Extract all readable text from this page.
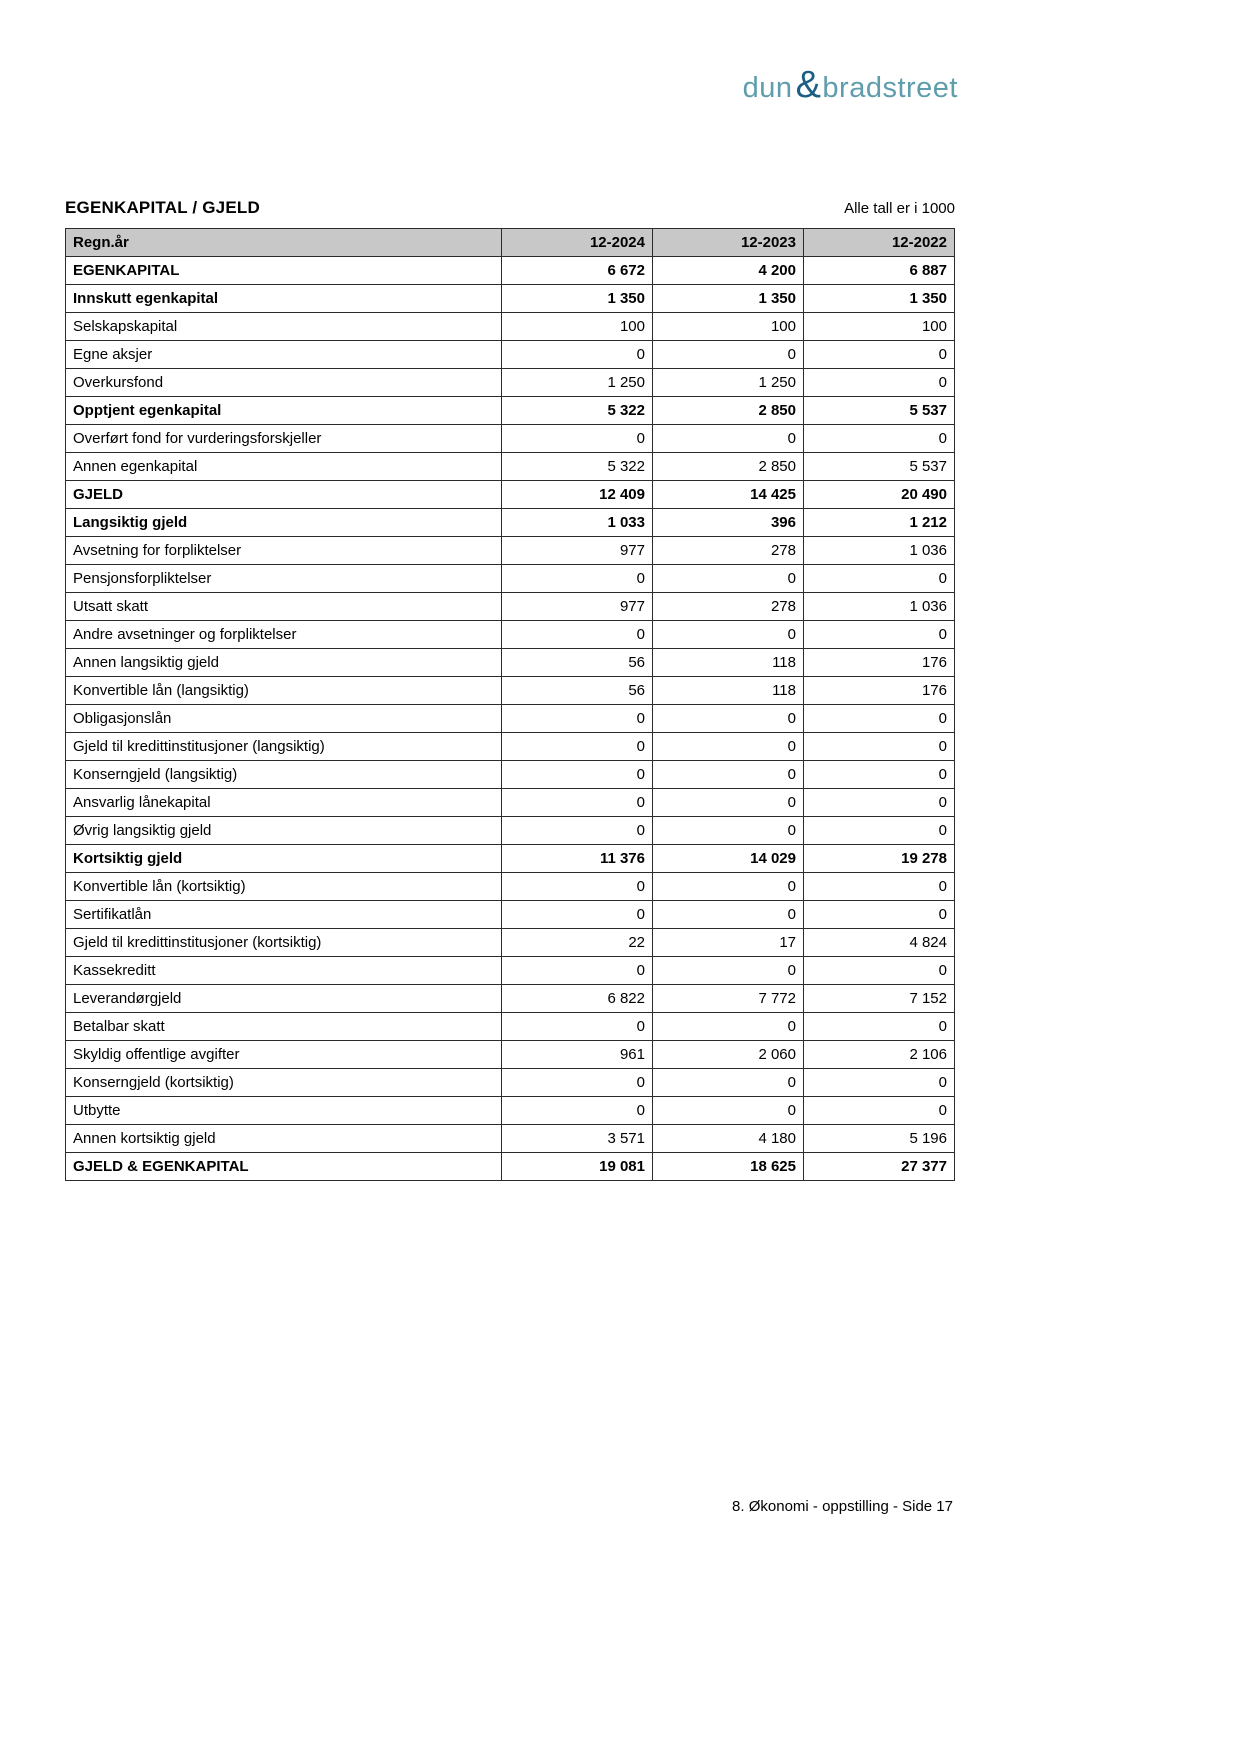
dun & bradstreet
EGENKAPITAL / GJELD	Alle tall er i 1000
Regn.år	12-2024	12-2023	12-2022
EGENKAPITAL	6 672	4 200	6 887
Innskutt egenkapital	1 350	1 350	1 350
Selskapskapital	100	100	100
Egne aksjer	0	0	0
Overkursfond	1 250	1 250	0
Opptjent egenkapital	5 322	2 850	5 537
Overført fond for vurderingsforskjeller	0	0	0
Annen egenkapital	5 322	2 850	5 537
GJELD	12 409	14 425	20 490
Langsiktig gjeld	1 033	396	1 212
Avsetning for forpliktelser	977	278	1 036
Pensjonsforpliktelser	0	0	0
Utsatt skatt	977	278	1 036
Andre avsetninger og forpliktelser	0	0	0
Annen langsiktig gjeld	56	118	176
Konvertible lån (langsiktig)	56	118	176
Obligasjonslån	0	0	0
Gjeld til kredittinstitusjoner (langsiktig)	0	0	0
Konserngjeld (langsiktig)	0	0	0
Ansvarlig lånekapital	0	0	0
Øvrig langsiktig gjeld	0	0	0
Kortsiktig gjeld	11 376	14 029	19 278
Konvertible lån (kortsiktig)	0	0	0
Sertifikatlån	0	0	0
Gjeld til kredittinstitusjoner (kortsiktig)	22	17	4 824
Kassekreditt	0	0	0
Leverandørgjeld	6 822	7 772	7 152
Betalbar skatt	0	0	0
Skyldig offentlige avgifter	961	2 060	2 106
Konserngjeld (kortsiktig)	0	0	0
Utbytte	0	0	0
Annen kortsiktig gjeld	3 571	4 180	5 196
GJELD & EGENKAPITAL	19 081	18 625	27 377
8. Økonomi - oppstilling - Side 17
